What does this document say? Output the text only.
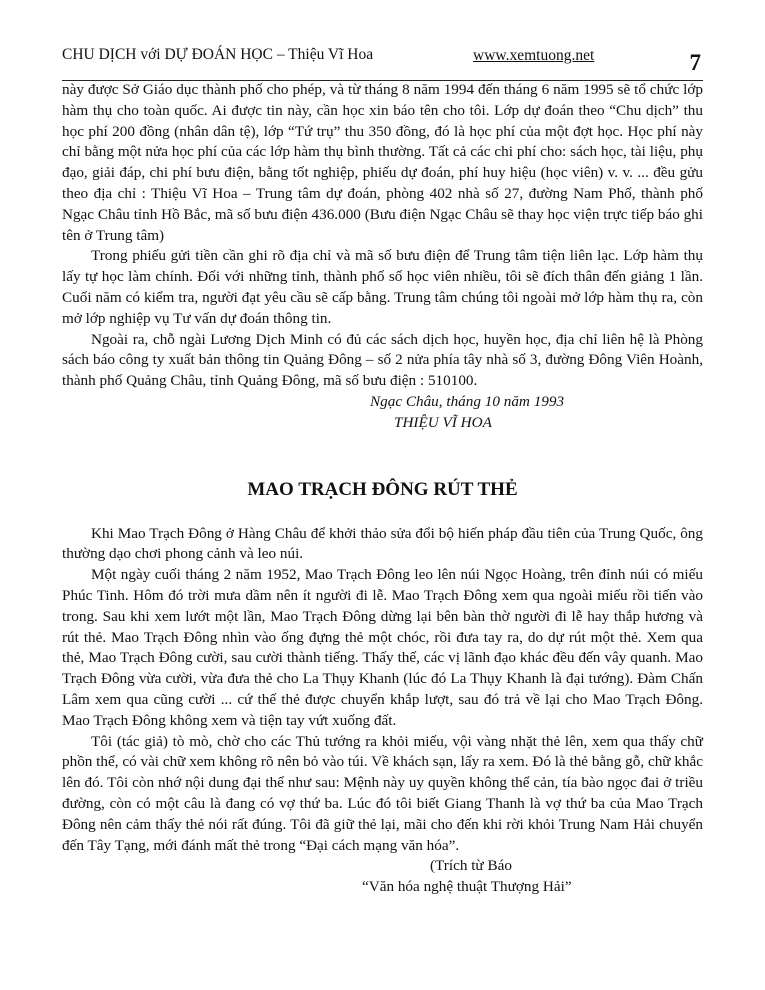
CHU DỊCH với DỰ ĐOÁN HỌC – Thiệu Vĩ Hoa	www.xemtuong.net	7

này được Sở Giáo dục thành phố cho phép, và từ tháng 8 năm 1994 đến tháng 6 năm 1995 sẽ tổ chức lớp hàm thụ cho toàn quốc. Ai được tin này, cần học xin báo tên cho tôi. Lớp dự đoán theo “Chu dịch” thu học phí 200 đồng (nhân dân tệ), lớp “Tứ trụ” thu 350 đồng, đó là học phí của một đợt học. Học phí này chỉ bằng một nửa học phí của các lớp hàm thụ bình thường. Tất cả các chi phí cho: sách học, tài liệu, phụ đạo, giải đáp, chi phí bưu điện, bằng tốt nghiệp, phiếu dự đoán, phí huy hiệu (học viên) v. v. ... đều gửu theo địa chỉ : Thiệu Vĩ Hoa – Trung tâm dự đoán, phòng 402 nhà số 27, đường Nam Phố, thành phố Ngạc Châu tỉnh Hồ Bắc, mã số bưu điện 436.000 (Bưu điện Ngạc Châu sẽ thay học viện trực tiếp báo ghi tên ở Trung tâm)

Trong phiếu gửi tiền cần ghi rõ địa chỉ và mã số bưu điện để Trung tâm tiện liên lạc. Lớp hàm thụ lấy tự học làm chính. Đối với những tỉnh, thành phố số học viên nhiều, tôi sẽ đích thân đến giảng 1 lần. Cuối năm có kiểm tra, người đạt yêu cầu sẽ cấp bằng. Trung tâm chúng tôi ngoài mở lớp hàm thụ ra, còn mở lớp nghiệp vụ Tư vấn dự đoán thông tin.

Ngoài ra, chỗ ngài Lương Dịch Minh có đủ các sách dịch học, huyền học, địa chỉ liên hệ là Phòng sách báo công ty xuất bản thông tin Quảng Đông – số 2 nửa phía tây nhà số 3, đường Đông Viên Hoành, thành phố Quảng Châu, tỉnh Quảng Đông, mã số bưu điện : 510100.

Ngạc Châu, tháng 10 năm 1993

THIỆU VĨ HOA

MAO TRẠCH ĐÔNG RÚT THẺ

Khi Mao Trạch Đông ở Hàng Châu để khởi thảo sửa đổi bộ hiến pháp đầu tiên của Trung Quốc, ông thường dạo chơi phong cảnh và leo núi.

Một ngày cuối tháng 2 năm 1952, Mao Trạch Đông leo lên núi Ngọc Hoàng, trên đỉnh núi có miếu Phúc Tinh. Hôm đó trời mưa dầm nên ít người đi lễ. Mao Trạch Đông xem qua ngoài miếu rồi tiến vào trong. Sau khi xem lướt một lần, Mao Trạch Đông dừng lại bên bàn thờ người đi lễ hay thắp hương và rút thẻ. Mao Trạch Đông nhìn vào ống đựng thẻ một chóc, rồi đưa tay ra, do dự rút một thẻ. Xem qua thẻ, Mao Trạch Đông cười, sau cười thành tiếng. Thấy thế, các vị lãnh đạo khác đều đến vây quanh. Mao Trạch Đông vừa cười, vừa đưa thẻ cho La Thụy Khanh (lúc đó La Thụy Khanh là đại tướng). Đàm Chấn Lâm xem qua cũng cười ... cứ thế thẻ được chuyển khắp lượt, sau đó trả về lại cho Mao Trạch Đông. Mao Trạch Đông không xem và tiện tay vứt xuống đất.

Tôi (tác giả) tò mò, chờ cho các Thủ tướng ra khỏi miếu, vội vàng nhặt thẻ lên, xem qua thấy chữ phồn thể, có vài chữ xem không rõ nên bỏ vào túi. Về khách sạn, lấy ra xem. Đó là thẻ bằng gỗ, chữ khắc lên đó. Tôi còn nhớ nội dung đại thể như sau: Mệnh này uy quyền không thể cản, tía bào ngọc đai ở triều đường, còn có một câu là đang có vợ thứ ba. Lúc đó tôi biết Giang Thanh là vợ thứ ba của Mao Trạch Đông nên cảm thấy thẻ nói rất đúng. Tôi đã giữ thẻ lại, mãi cho đến khi rời khỏi Trung Nam Hải chuyển đến Tây Tạng, mới đánh mất thẻ trong “Đại cách mạng văn hóa”.

(Trích từ Báo

“Văn hóa nghệ thuật Thượng Hải”
